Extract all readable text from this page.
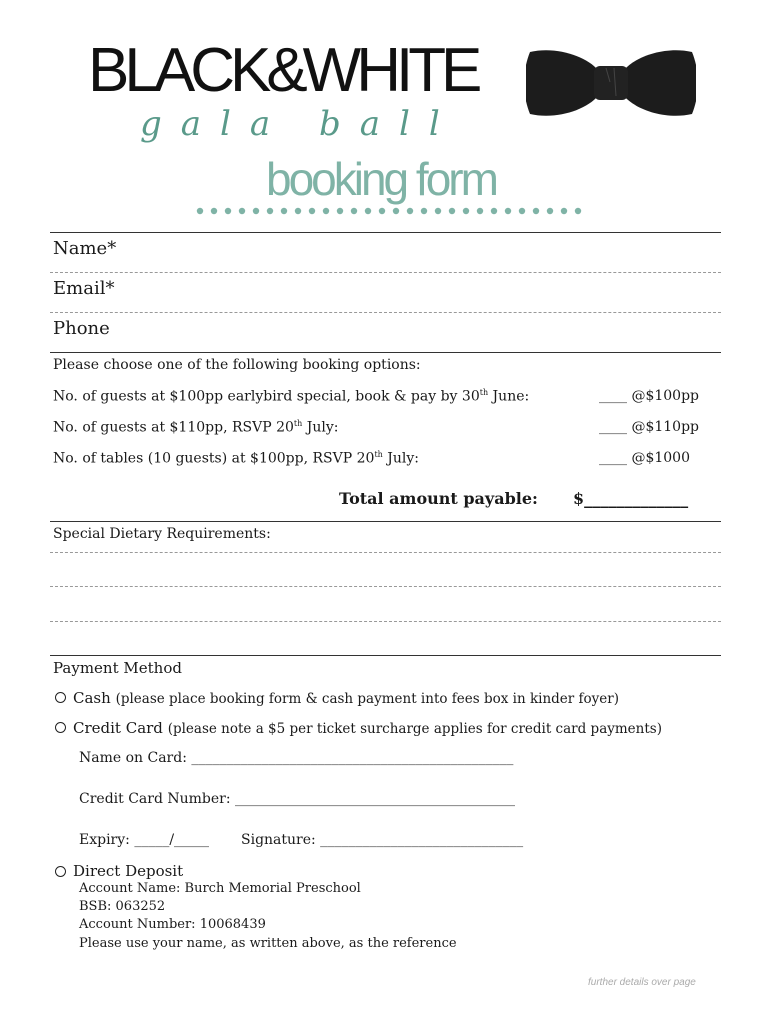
BLACK&WHITE
gala ball
booking form
Name*
Email*
Phone
Please choose one of the following booking options:
No. of guests at $100pp earlybird special, book & pay by 30th June:	____ @$100pp
No. of guests at $110pp, RSVP 20th July:	____ @$110pp
No. of tables (10 guests) at $100pp, RSVP 20th July:	____ @$1000
Total amount payable: $_____________
Special Dietary Requirements:
Payment Method
Cash (please place booking form & cash payment into fees box in kinder foyer)
Credit Card (please note a $5 per ticket surcharge applies for credit card payments)
Name on Card: ______________________________________________
Credit Card Number: ________________________________________
Expiry: _____/_____ Signature: _____________________________
Direct Deposit
Account Name: Burch Memorial Preschool
BSB: 063252
Account Number: 10068439
Please use your name, as written above, as the reference
further details over page
